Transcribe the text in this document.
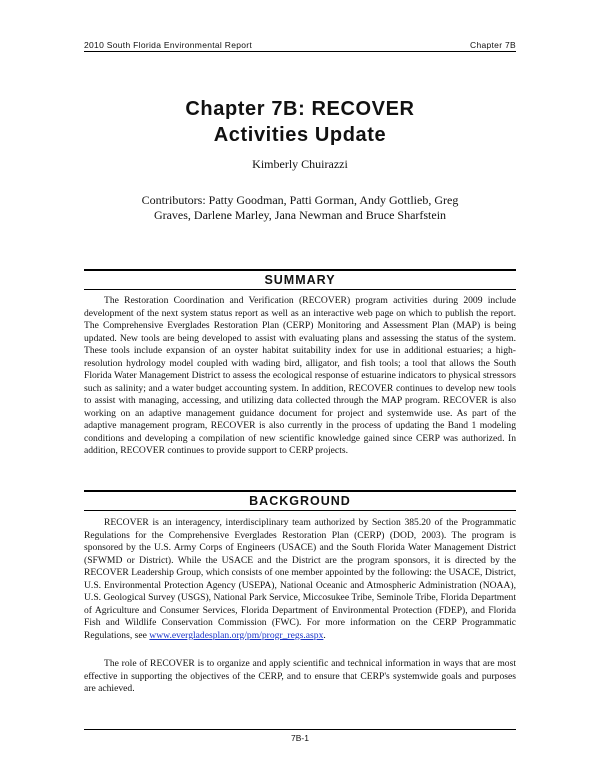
2010 South Florida Environmental Report	Chapter 7B
Chapter 7B: RECOVER
Activities Update
Kimberly Chuirazzi
Contributors: Patty Goodman, Patti Gorman, Andy Gottlieb, Greg Graves, Darlene Marley, Jana Newman and Bruce Sharfstein
SUMMARY
The Restoration Coordination and Verification (RECOVER) program activities during 2009 include development of the next system status report as well as an interactive web page on which to publish the report. The Comprehensive Everglades Restoration Plan (CERP) Monitoring and Assessment Plan (MAP) is being updated. New tools are being developed to assist with evaluating plans and assessing the status of the system. These tools include expansion of an oyster habitat suitability index for use in additional estuaries; a high-resolution hydrology model coupled with wading bird, alligator, and fish tools; a tool that allows the South Florida Water Management District to assess the ecological response of estuarine indicators to physical stressors such as salinity; and a water budget accounting system. In addition, RECOVER continues to develop new tools to assist with managing, accessing, and utilizing data collected through the MAP program. RECOVER is also working on an adaptive management guidance document for project and systemwide use. As part of the adaptive management program, RECOVER is also currently in the process of updating the Band 1 modeling conditions and developing a compilation of new scientific knowledge gained since CERP was authorized. In addition, RECOVER continues to provide support to CERP projects.
BACKGROUND
RECOVER is an interagency, interdisciplinary team authorized by Section 385.20 of the Programmatic Regulations for the Comprehensive Everglades Restoration Plan (CERP) (DOD, 2003). The program is sponsored by the U.S. Army Corps of Engineers (USACE) and the South Florida Water Management District (SFWMD or District). While the USACE and the District are the program sponsors, it is directed by the RECOVER Leadership Group, which consists of one member appointed by the following: the USACE, District, U.S. Environmental Protection Agency (USEPA), National Oceanic and Atmospheric Administration (NOAA), U.S. Geological Survey (USGS), National Park Service, Miccosukee Tribe, Seminole Tribe, Florida Department of Agriculture and Consumer Services, Florida Department of Environmental Protection (FDEP), and Florida Fish and Wildlife Conservation Commission (FWC). For more information on the CERP Programmatic Regulations, see www.evergladesplan.org/pm/progr_regs.aspx.
The role of RECOVER is to organize and apply scientific and technical information in ways that are most effective in supporting the objectives of the CERP, and to ensure that CERP's systemwide goals and purposes are achieved.
7B-1
